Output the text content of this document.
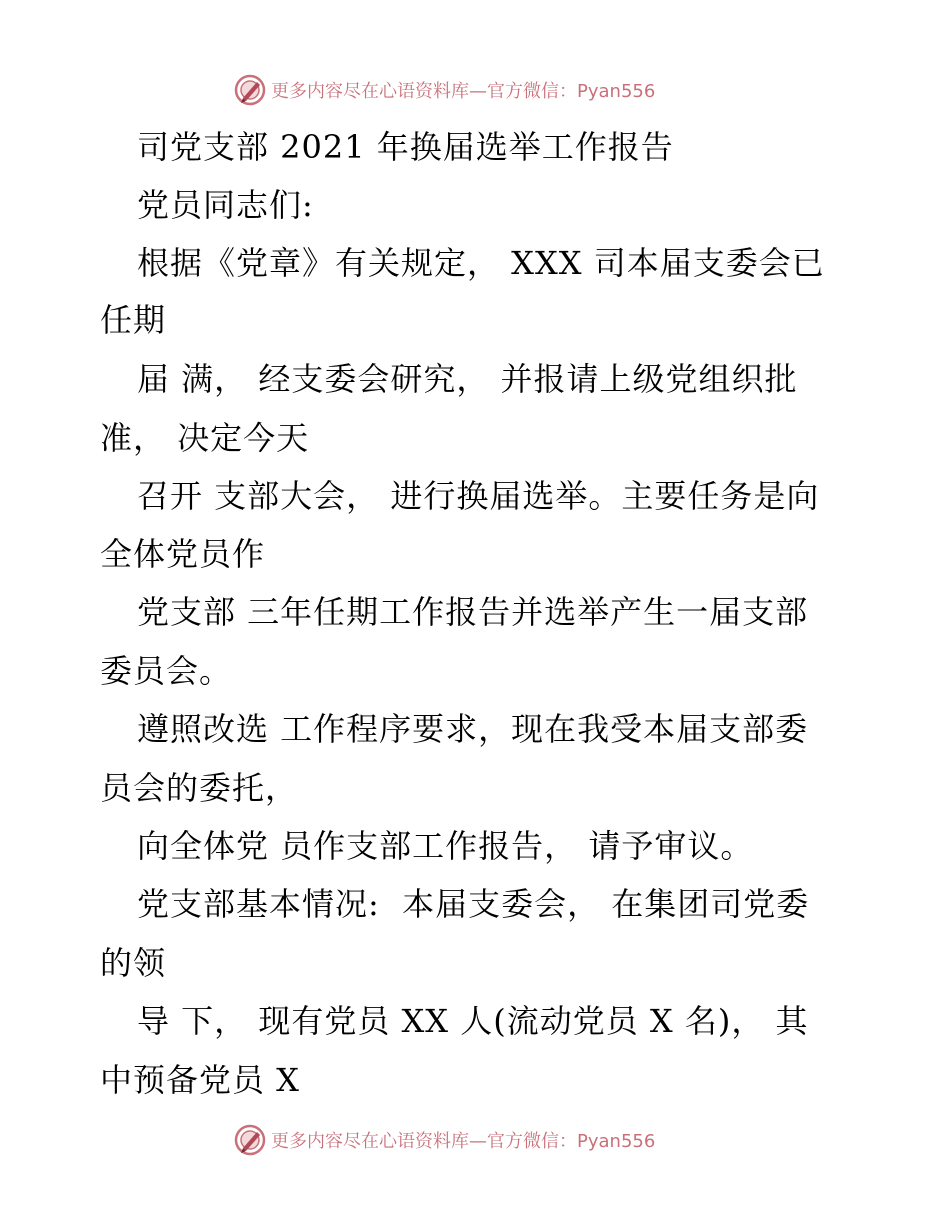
更多内容尽在心语资料库—官方微信：Pyan556
司党支部 2021 年换届选举工作报告
党员同志们:
根据《党章》有关规定， XXX 司本届支委会已
任期
届 满， 经支委会研究， 并报请上级党组织批
准， 决定今天
召开 支部大会， 进行换届选举。主要任务是向
全体党员作
党支部 三年任期工作报告并选举产生一届支部
委员会。
遵照改选 工作程序要求，现在我受本届支部委
员会的委托，
向全体党 员作支部工作报告， 请予审议。
党支部基本情况:  本届支委会， 在集团司党委
的领
导 下， 现有党员 XX 人(流动党员 X 名)， 其
中预备党员 X
更多内容尽在心语资料库—官方微信：Pyan556
